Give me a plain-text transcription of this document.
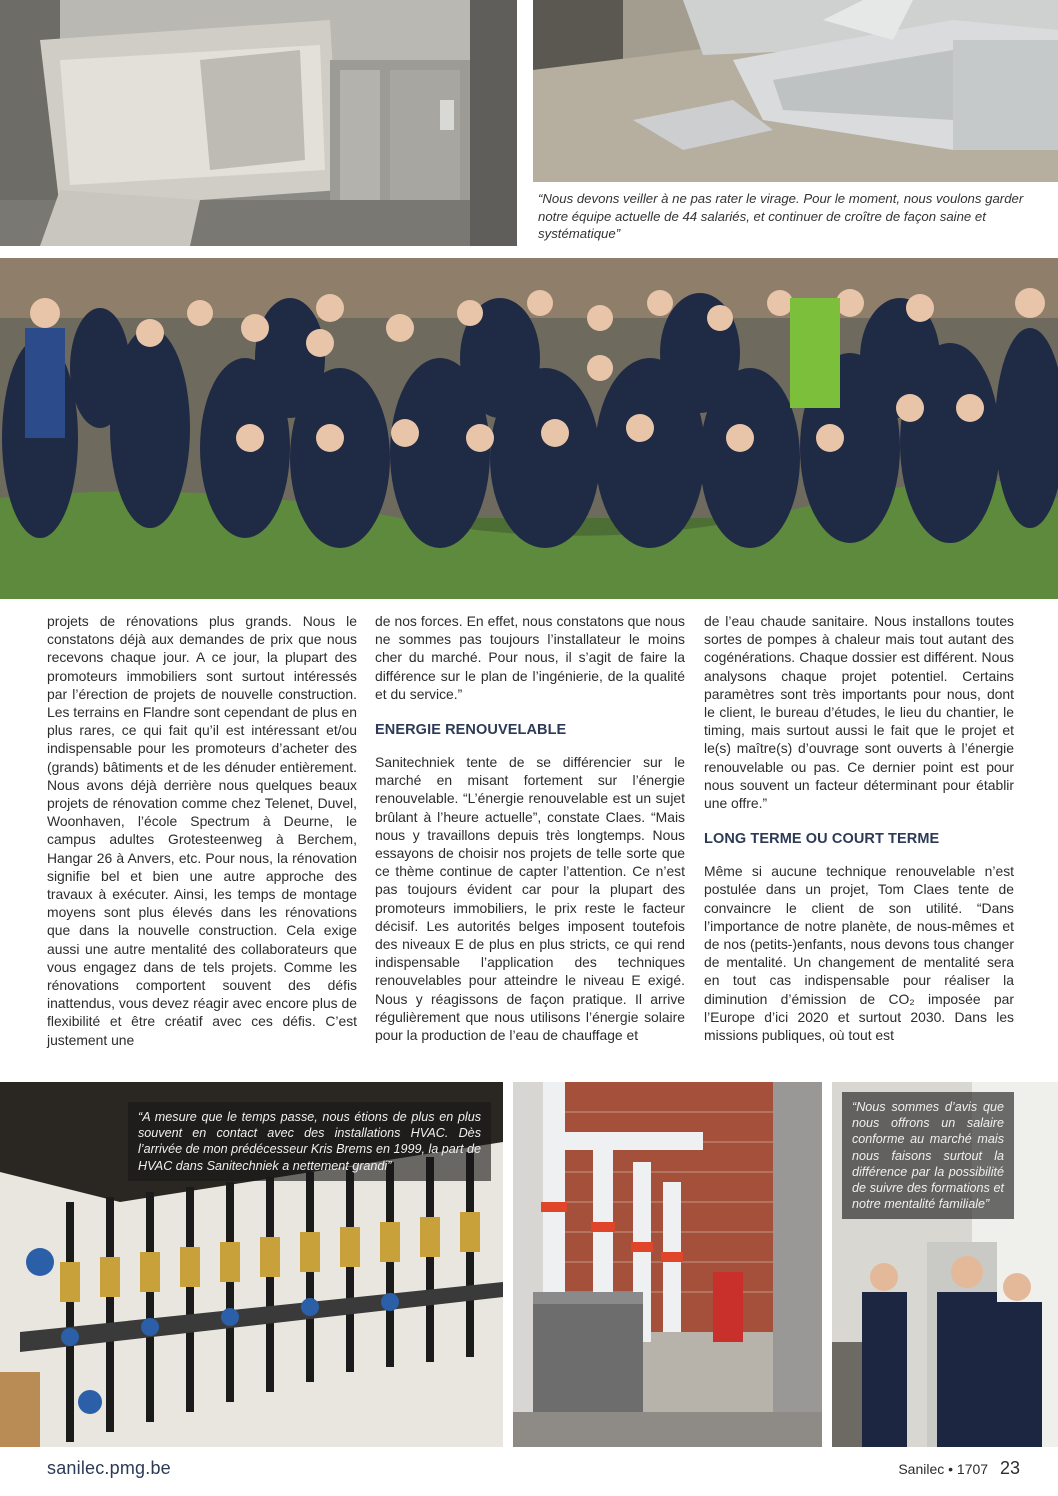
“Nous devons veiller à ne pas rater le virage. Pour le moment, nous voulons garder notre équipe actuelle de 44 salariés, et continuer de croître de façon saine et systématique”

projets de rénovations plus grands. Nous le constatons déjà aux demandes de prix que nous recevons chaque jour. A ce jour, la plupart des promoteurs immobiliers sont surtout intéressés par l’érection de projets de nouvelle construction. Les terrains en Flandre sont cependant de plus en plus rares, ce qui fait qu’il est intéressant et/ou indispensable pour les promoteurs d’acheter des (grands) bâtiments et de les dénuder entièrement. Nous avons déjà derrière nous quelques beaux projets de rénovation comme chez Telenet, Duvel, Woonhaven, l’école Spectrum à Deurne, le campus adultes Grotesteenweg à Berchem, Hangar 26 à Anvers, etc. Pour nous, la rénovation signifie bel et bien une autre approche des travaux à exécuter. Ainsi, les temps de montage moyens sont plus élevés dans les rénovations que dans la nouvelle construction. Cela exige aussi une autre mentalité des collaborateurs que vous engagez dans de tels projets. Comme les rénovations comportent souvent des défis inattendus, vous devez réagir avec encore plus de flexibilité et être créatif avec ces défis. C’est justement une

de nos forces. En effet, nous constatons que nous ne sommes pas toujours l’installateur le moins cher du marché. Pour nous, il s’agit de faire la différence sur le plan de l’ingénierie, de la qualité et du service.”

ENERGIE RENOUVELABLE

Sanitechniek tente de se différencier sur le marché en misant fortement sur l’énergie renouvelable. “L’énergie renouvelable est un sujet brûlant à l’heure actuelle”, constate Claes. “Mais nous y travaillons depuis très longtemps. Nous essayons de choisir nos projets de telle sorte que ce thème continue de capter l’attention. Ce n’est pas toujours évident car pour la plupart des promoteurs immobiliers, le prix reste le facteur décisif. Les autorités belges imposent toutefois des niveaux E de plus en plus stricts, ce qui rend indispensable l’application des techniques renouvelables pour atteindre le niveau E exigé. Nous y réagissons de façon pratique. Il arrive régulièrement que nous utilisons l’énergie solaire pour la production de l’eau de chauffage et

de l’eau chaude sanitaire. Nous installons toutes sortes de pompes à chaleur mais tout autant des cogénérations. Chaque dossier est différent. Nous analysons chaque projet potentiel. Certains paramètres sont très importants pour nous, dont le client, le bureau d’études, le lieu du chantier, le timing, mais surtout aussi le fait que le projet et le(s) maître(s) d’ouvrage sont ouverts à l’énergie renouvelable ou pas. Ce dernier point est pour nous souvent un facteur déterminant pour établir une offre.”

LONG TERME OU COURT TERME

Même si aucune technique renouvelable n’est postulée dans un projet, Tom Claes tente de convaincre le client de son utilité. “Dans l’importance de notre planète, de nous-mêmes et de nos (petits-)enfants, nous devons tous changer de mentalité. Un changement de mentalité sera en tout cas indispensable pour réaliser la diminution d’émission de CO₂ imposée par l’Europe d’ici 2020 et surtout 2030. Dans les missions publiques, où tout est

“A mesure que le temps passe, nous étions de plus en plus souvent en contact avec des installations HVAC. Dès l’arrivée de mon prédécesseur Kris Brems en 1999, la part de HVAC dans Sanitechniek a nettement grandi”
“Nous sommes d’avis que nous offrons un salaire conforme au marché mais nous faisons surtout la différence par la possibilité de suivre des formations et notre mentalité familiale”
sanilec.pmg.be	Sanilec • 1707 23
